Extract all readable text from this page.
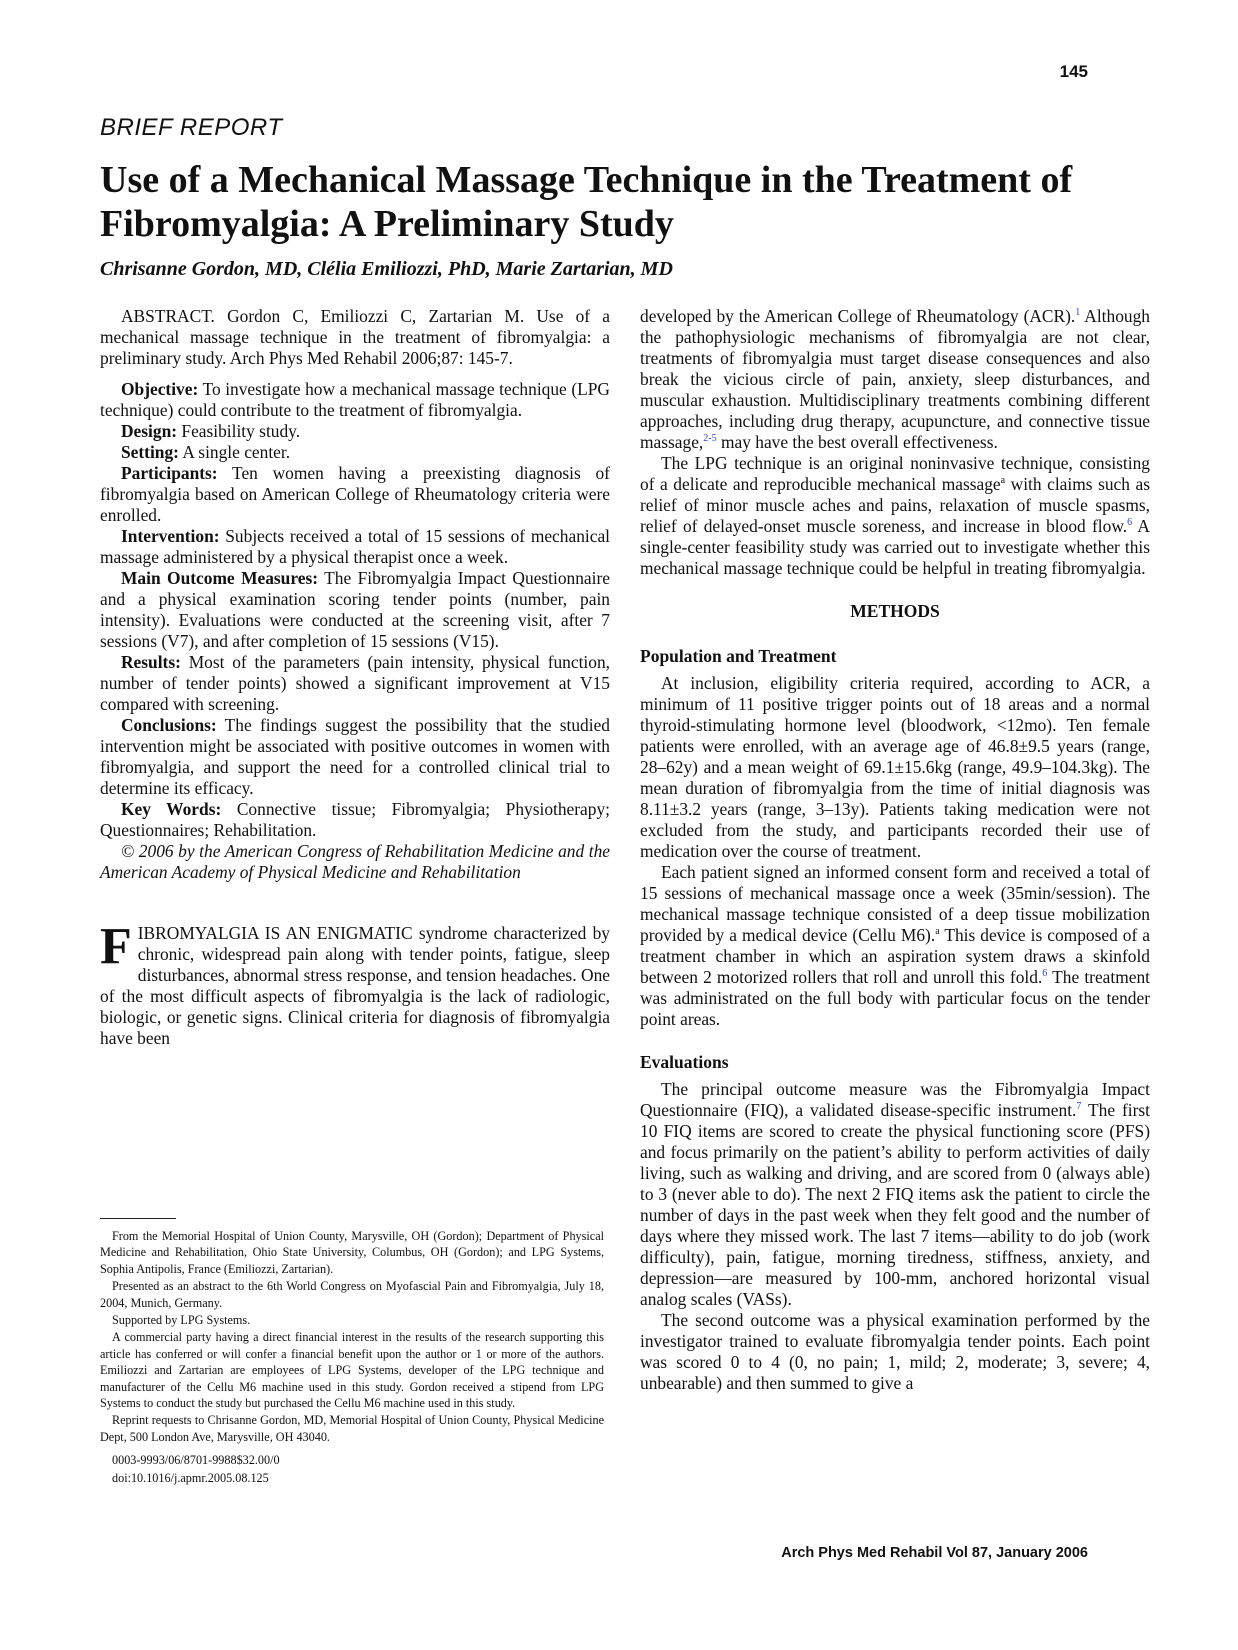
145
BRIEF REPORT
Use of a Mechanical Massage Technique in the Treatment of Fibromyalgia: A Preliminary Study
Chrisanne Gordon, MD, Clélia Emiliozzi, PhD, Marie Zartarian, MD

ABSTRACT. Gordon C, Emiliozzi C, Zartarian M. Use of a mechanical massage technique in the treatment of fibromyalgia: a preliminary study. Arch Phys Med Rehabil 2006;87: 145-7.

Objective: To investigate how a mechanical massage technique (LPG technique) could contribute to the treatment of fibromyalgia.

Design: Feasibility study.

Setting: A single center.

Participants: Ten women having a preexisting diagnosis of fibromyalgia based on American College of Rheumatology criteria were enrolled.

Intervention: Subjects received a total of 15 sessions of mechanical massage administered by a physical therapist once a week.

Main Outcome Measures: The Fibromyalgia Impact Questionnaire and a physical examination scoring tender points (number, pain intensity). Evaluations were conducted at the screening visit, after 7 sessions (V7), and after completion of 15 sessions (V15).

Results: Most of the parameters (pain intensity, physical function, number of tender points) showed a significant improvement at V15 compared with screening.

Conclusions: The findings suggest the possibility that the studied intervention might be associated with positive outcomes in women with fibromyalgia, and support the need for a controlled clinical trial to determine its efficacy.

Key Words: Connective tissue; Fibromyalgia; Physiotherapy; Questionnaires; Rehabilitation.

© 2006 by the American Congress of Rehabilitation Medicine and the American Academy of Physical Medicine and Rehabilitation

FIBROMYALGIA IS AN ENIGMATIC syndrome characterized by chronic, widespread pain along with tender points, fatigue, sleep disturbances, abnormal stress response, and tension headaches. One of the most difficult aspects of fibromyalgia is the lack of radiologic, biologic, or genetic signs. Clinical criteria for diagnosis of fibromyalgia have been

developed by the American College of Rheumatology (ACR).$^1$ Although the pathophysiologic mechanisms of fibromyalgia are not clear, treatments of fibromyalgia must target disease consequences and also break the vicious circle of pain, anxiety, sleep disturbances, and muscular exhaustion. Multidisciplinary treatments combining different approaches, including drug therapy, acupuncture, and connective tissue massage,$^{2-5}$ may have the best overall effectiveness.

The LPG technique is an original noninvasive technique, consisting of a delicate and reproducible mechanical massage$^a$ with claims such as relief of minor muscle aches and pains, relaxation of muscle spasms, relief of delayed-onset muscle soreness, and increase in blood flow.$^6$ A single-center feasibility study was carried out to investigate whether this mechanical massage technique could be helpful in treating fibromyalgia.

METHODS
Population and Treatment

At inclusion, eligibility criteria required, according to ACR, a minimum of 11 positive trigger points out of 18 areas and a normal thyroid-stimulating hormone level (bloodwork, <12mo). Ten female patients were enrolled, with an average age of 46.8±9.5 years (range, 28–62y) and a mean weight of 69.1±15.6kg (range, 49.9–104.3kg). The mean duration of fibromyalgia from the time of initial diagnosis was 8.11±3.2 years (range, 3–13y). Patients taking medication were not excluded from the study, and participants recorded their use of medication over the course of treatment.

Each patient signed an informed consent form and received a total of 15 sessions of mechanical massage once a week (35min/session). The mechanical massage technique consisted of a deep tissue mobilization provided by a medical device (Cellu M6).$^a$ This device is composed of a treatment chamber in which an aspiration system draws a skinfold between 2 motorized rollers that roll and unroll this fold.$^6$ The treatment was administrated on the full body with particular focus on the tender point areas.

Evaluations

The principal outcome measure was the Fibromyalgia Impact Questionnaire (FIQ), a validated disease-specific instrument.$^7$ The first 10 FIQ items are scored to create the physical functioning score (PFS) and focus primarily on the patient’s ability to perform activities of daily living, such as walking and driving, and are scored from 0 (always able) to 3 (never able to do). The next 2 FIQ items ask the patient to circle the number of days in the past week when they felt good and the number of days where they missed work. The last 7 items—ability to do job (work difficulty), pain, fatigue, morning tiredness, stiffness, anxiety, and depression—are measured by 100-mm, anchored horizontal visual analog scales (VASs).

The second outcome was a physical examination performed by the investigator trained to evaluate fibromyalgia tender points. Each point was scored 0 to 4 (0, no pain; 1, mild; 2, moderate; 3, severe; 4, unbearable) and then summed to give a

From the Memorial Hospital of Union County, Marysville, OH (Gordon); Department of Physical Medicine and Rehabilitation, Ohio State University, Columbus, OH (Gordon); and LPG Systems, Sophia Antipolis, France (Emiliozzi, Zartarian).

Presented as an abstract to the 6th World Congress on Myofascial Pain and Fibromyalgia, July 18, 2004, Munich, Germany.

Supported by LPG Systems.

A commercial party having a direct financial interest in the results of the research supporting this article has conferred or will confer a financial benefit upon the author or 1 or more of the authors. Emiliozzi and Zartarian are employees of LPG Systems, developer of the LPG technique and manufacturer of the Cellu M6 machine used in this study. Gordon received a stipend from LPG Systems to conduct the study but purchased the Cellu M6 machine used in this study.

Reprint requests to Chrisanne Gordon, MD, Memorial Hospital of Union County, Physical Medicine Dept, 500 London Ave, Marysville, OH 43040.

0003-9993/06/8701-9988$32.00/0

doi:10.1016/j.apmr.2005.08.125

Arch Phys Med Rehabil Vol 87, January 2006
